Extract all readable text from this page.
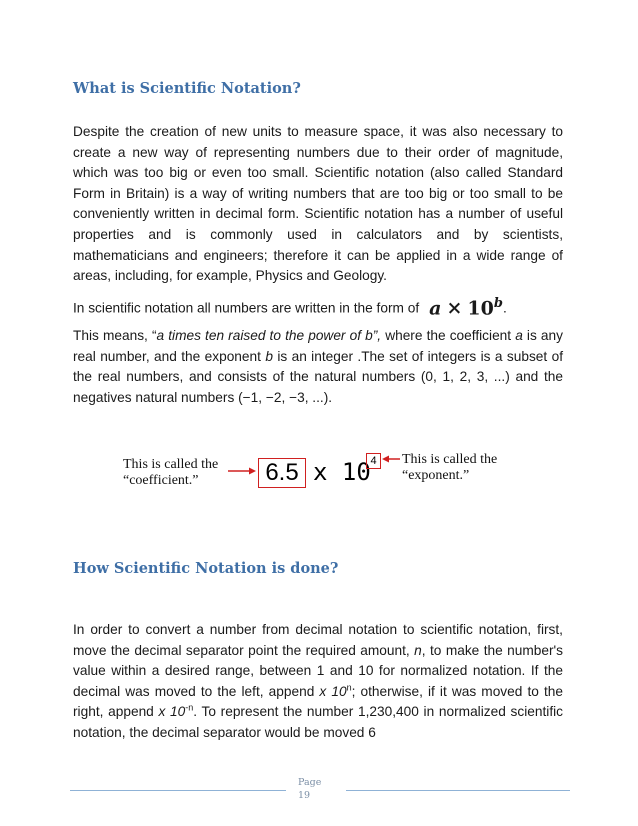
What is Scientific Notation?

Despite the creation of new units to measure space, it was also necessary to create a new way of representing numbers due to their order of magnitude, which was too big or even too small. Scientific notation (also called Standard Form in Britain) is a way of writing numbers that are too big or too small to be conveniently written in decimal form. Scientific notation has a number of useful properties and is commonly used in calculators and by scientists, mathematicians and engineers; therefore it can be applied in a wide range of areas, including, for example, Physics and Geology.

In scientific notation all numbers are written in the form of $a \times 10^b$.

This means, “a times ten raised to the power of b”, where the coefficient a is any real number, and the exponent b is an integer .The set of integers is a subset of the real numbers, and consists of the natural numbers (0, 1, 2, 3, ...) and the negatives natural numbers (−1, −2, −3, ...).

This is called the
“coefficient.”	6.5 x 10 4	This is called the
“exponent.”
How Scientific Notation is done?

In order to convert a number from decimal notation to scientific notation, first, move the decimal separator point the required amount, n, to make the number's value within a desired range, between 1 and 10 for normalized notation. If the decimal was moved to the left, append x 10$^n$; otherwise, if it was moved to the right, append x $10^{-n}$. To represent the number 1,230,400 in normalized scientific notation, the decimal separator would be moved 6

Page
19
